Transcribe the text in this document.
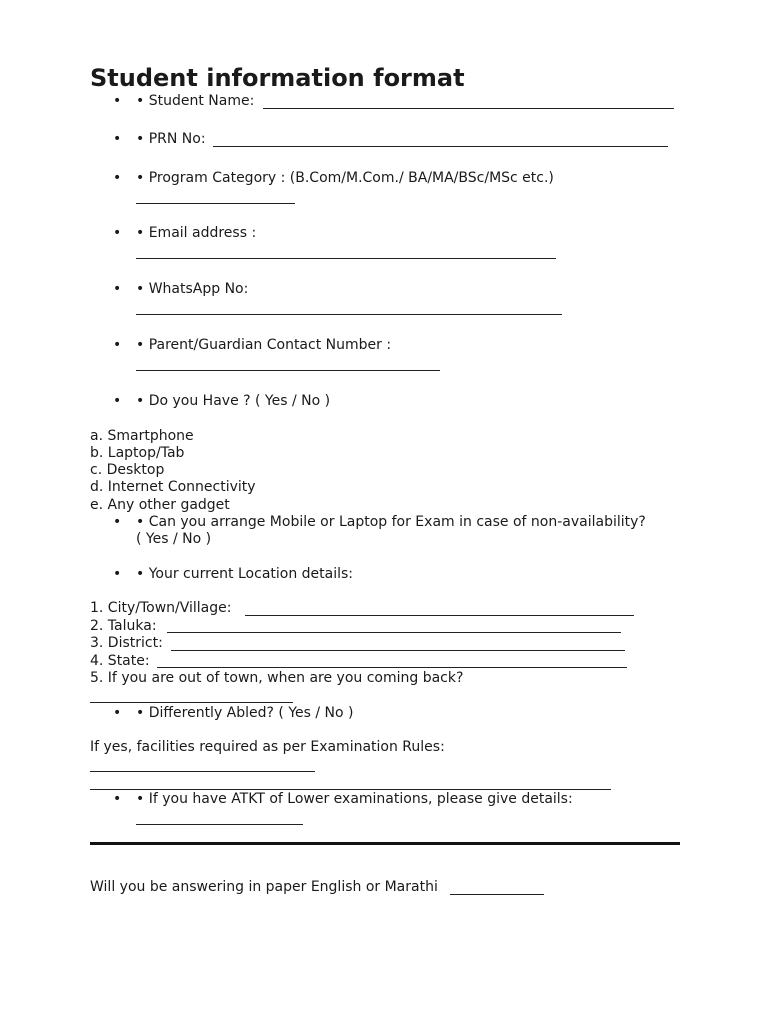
Student information format
• • Student Name:
• • PRN No:
• • Program Category : (B.Com/M.Com./ BA/MA/BSc/MSc etc.)
• • Email address :
• • WhatsApp No:
• • Parent/Guardian Contact Number :
• • Do you Have ? ( Yes / No )
a. Smartphone
b. Laptop/Tab
c. Desktop
d. Internet Connectivity
e. Any other gadget
• • Can you arrange Mobile or Laptop for Exam in case of non-availability?
( Yes / No )
• • Your current Location details:
1. City/Town/Village:
2. Taluka:
3. District:
4. State:
5. If you are out of town, when are you coming back?
• • Differently Abled? ( Yes / No )
If yes, facilities required as per Examination Rules:
• • If you have ATKT of Lower examinations, please give details:
Will you be answering in paper English or Marathi
